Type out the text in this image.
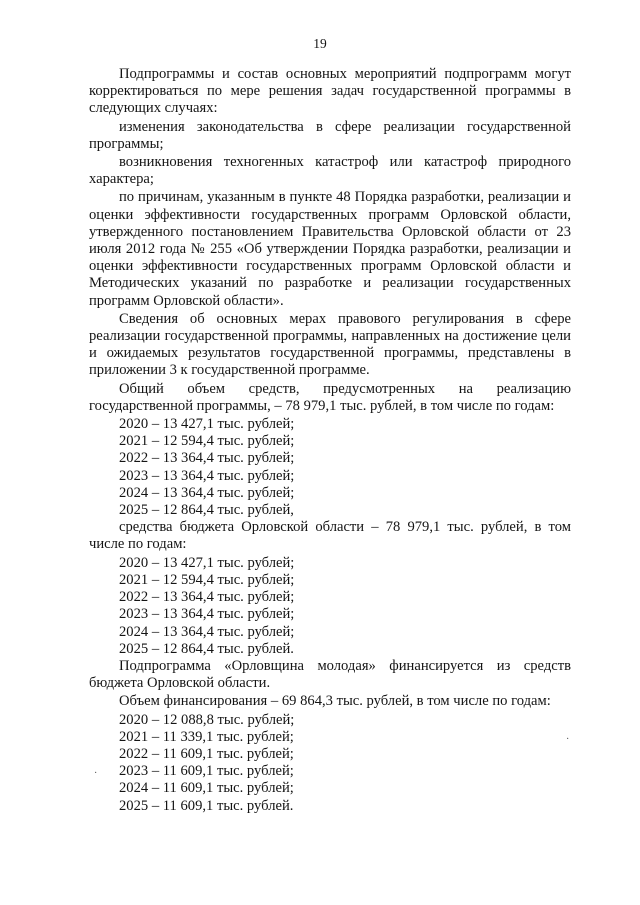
19

Подпрограммы и состав основных мероприятий подпрограмм могут корректироваться по мере решения задач государственной программы в следующих случаях:

изменения законодательства в сфере реализации государственной программы;

возникновения техногенных катастроф или катастроф природного характера;

по причинам, указанным в пункте 48 Порядка разработки, реализации и оценки эффективности государственных программ Орловской области, утвержденного постановлением Правительства Орловской области от 23 июля 2012 года № 255 «Об утверждении Порядка разработки, реализации и оценки эффективности государственных программ Орловской области и Методических указаний по разработке и реализации государственных программ Орловской области».

Сведения об основных мерах правового регулирования в сфере реализации государственной программы, направленных на достижение цели и ожидаемых результатов государственной программы, представлены в приложении 3 к государственной программе.

Общий объем средств, предусмотренных на реализацию государственной программы, – 78 979,1 тыс. рублей, в том числе по годам:

2020 – 13 427,1 тыс. рублей;

2021 – 12 594,4 тыс. рублей;

2022 – 13 364,4 тыс. рублей;

2023 – 13 364,4 тыс. рублей;

2024 – 13 364,4 тыс. рублей;

2025 – 12 864,4 тыс. рублей,

средства бюджета Орловской области – 78 979,1 тыс. рублей, в том числе по годам:

2020 – 13 427,1 тыс. рублей;

2021 – 12 594,4 тыс. рублей;

2022 – 13 364,4 тыс. рублей;

2023 – 13 364,4 тыс. рублей;

2024 – 13 364,4 тыс. рублей;

2025 – 12 864,4 тыс. рублей.

Подпрограмма «Орловщина молодая» финансируется из средств бюджета Орловской области.

Объем финансирования – 69 864,3 тыс. рублей, в том числе по годам:

2020 – 12 088,8 тыс. рублей;

2021 – 11 339,1 тыс. рублей;

2022 – 11 609,1 тыс. рублей;

2023 – 11 609,1 тыс. рублей;

2024 – 11 609,1 тыс. рублей;

2025 – 11 609,1 тыс. рублей.

·
·
